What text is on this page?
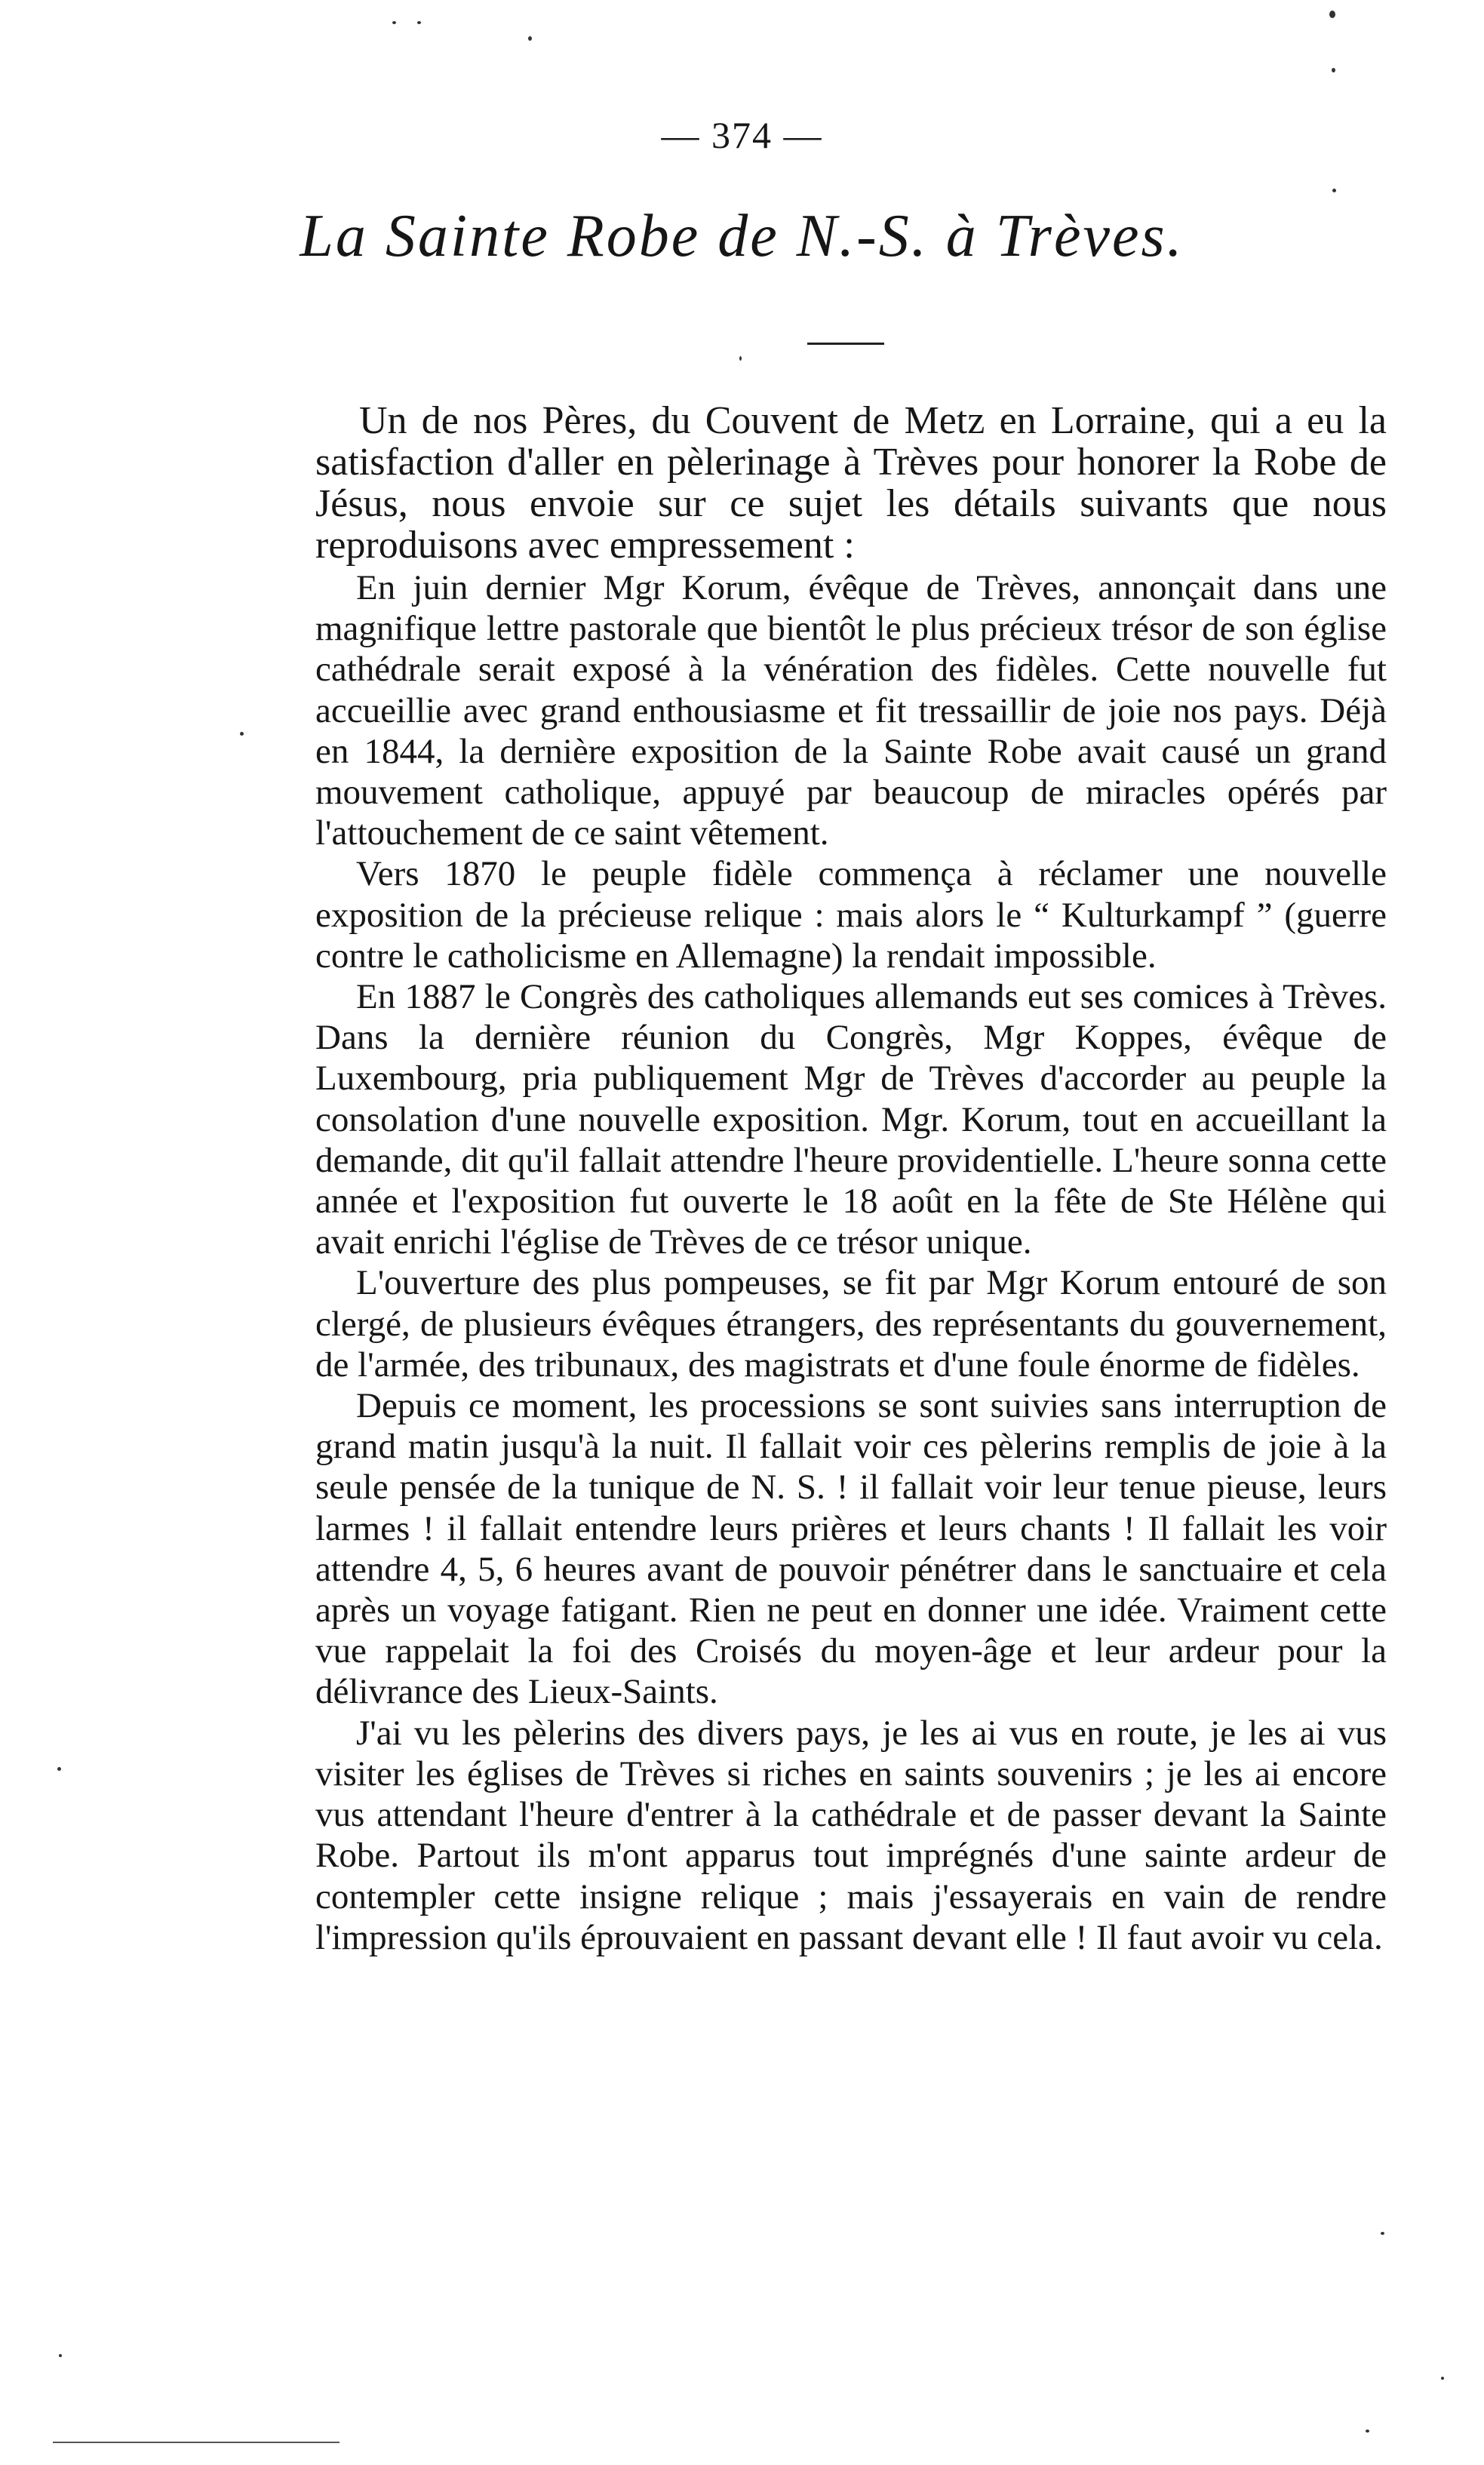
— 374 —
La Sainte Robe de N.-S. à Trèves.

Un de nos Pères, du Couvent de Metz en Lorraine, qui a eu la satisfaction d'aller en pèlerinage à Trèves pour honorer la Robe de Jésus, nous envoie sur ce sujet les détails suivants que nous reproduisons avec empressement :

En juin dernier Mgr Korum, évêque de Trèves, annonçait dans une magnifique lettre pastorale que bientôt le plus précieux trésor de son église cathédrale serait exposé à la vénération des fidèles. Cette nouvelle fut accueillie avec grand enthousiasme et fit tressaillir de joie nos pays. Déjà en 1844, la dernière exposition de la Sainte Robe avait causé un grand mouvement catholique, appuyé par beaucoup de miracles opérés par l'attouchement de ce saint vêtement.

Vers 1870 le peuple fidèle commença à réclamer une nouvelle exposition de la précieuse relique : mais alors le “ Kulturkampf ” (guerre contre le catholicisme en Allemagne) la rendait impossible.

En 1887 le Congrès des catholiques allemands eut ses comices à Trèves. Dans la dernière réunion du Congrès, Mgr Koppes, évêque de Luxembourg, pria publiquement Mgr de Trèves d'accorder au peuple la consolation d'une nouvelle exposition. Mgr. Korum, tout en accueillant la demande, dit qu'il fallait attendre l'heure providentielle. L'heure sonna cette année et l'exposition fut ouverte le 18 août en la fête de Ste Hélène qui avait enrichi l'église de Trèves de ce trésor unique.

L'ouverture des plus pompeuses, se fit par Mgr Korum entouré de son clergé, de plusieurs évêques étrangers, des représentants du gouvernement, de l'armée, des tribunaux, des magistrats et d'une foule énorme de fidèles.

Depuis ce moment, les processions se sont suivies sans interruption de grand matin jusqu'à la nuit. Il fallait voir ces pèlerins remplis de joie à la seule pensée de la tunique de N. S. ! il fallait voir leur tenue pieuse, leurs larmes ! il fallait entendre leurs prières et leurs chants ! Il fallait les voir attendre 4, 5, 6 heures avant de pouvoir pénétrer dans le sanctuaire et cela après un voyage fatigant. Rien ne peut en donner une idée. Vraiment cette vue rappelait la foi des Croisés du moyen-âge et leur ardeur pour la délivrance des Lieux-Saints.

J'ai vu les pèlerins des divers pays, je les ai vus en route, je les ai vus visiter les églises de Trèves si riches en saints souvenirs ; je les ai encore vus attendant l'heure d'entrer à la cathédrale et de passer devant la Sainte Robe. Partout ils m'ont apparus tout imprégnés d'une sainte ardeur de contempler cette insigne relique ; mais j'essayerais en vain de rendre l'impression qu'ils éprouvaient en passant devant elle ! Il faut avoir vu cela.
